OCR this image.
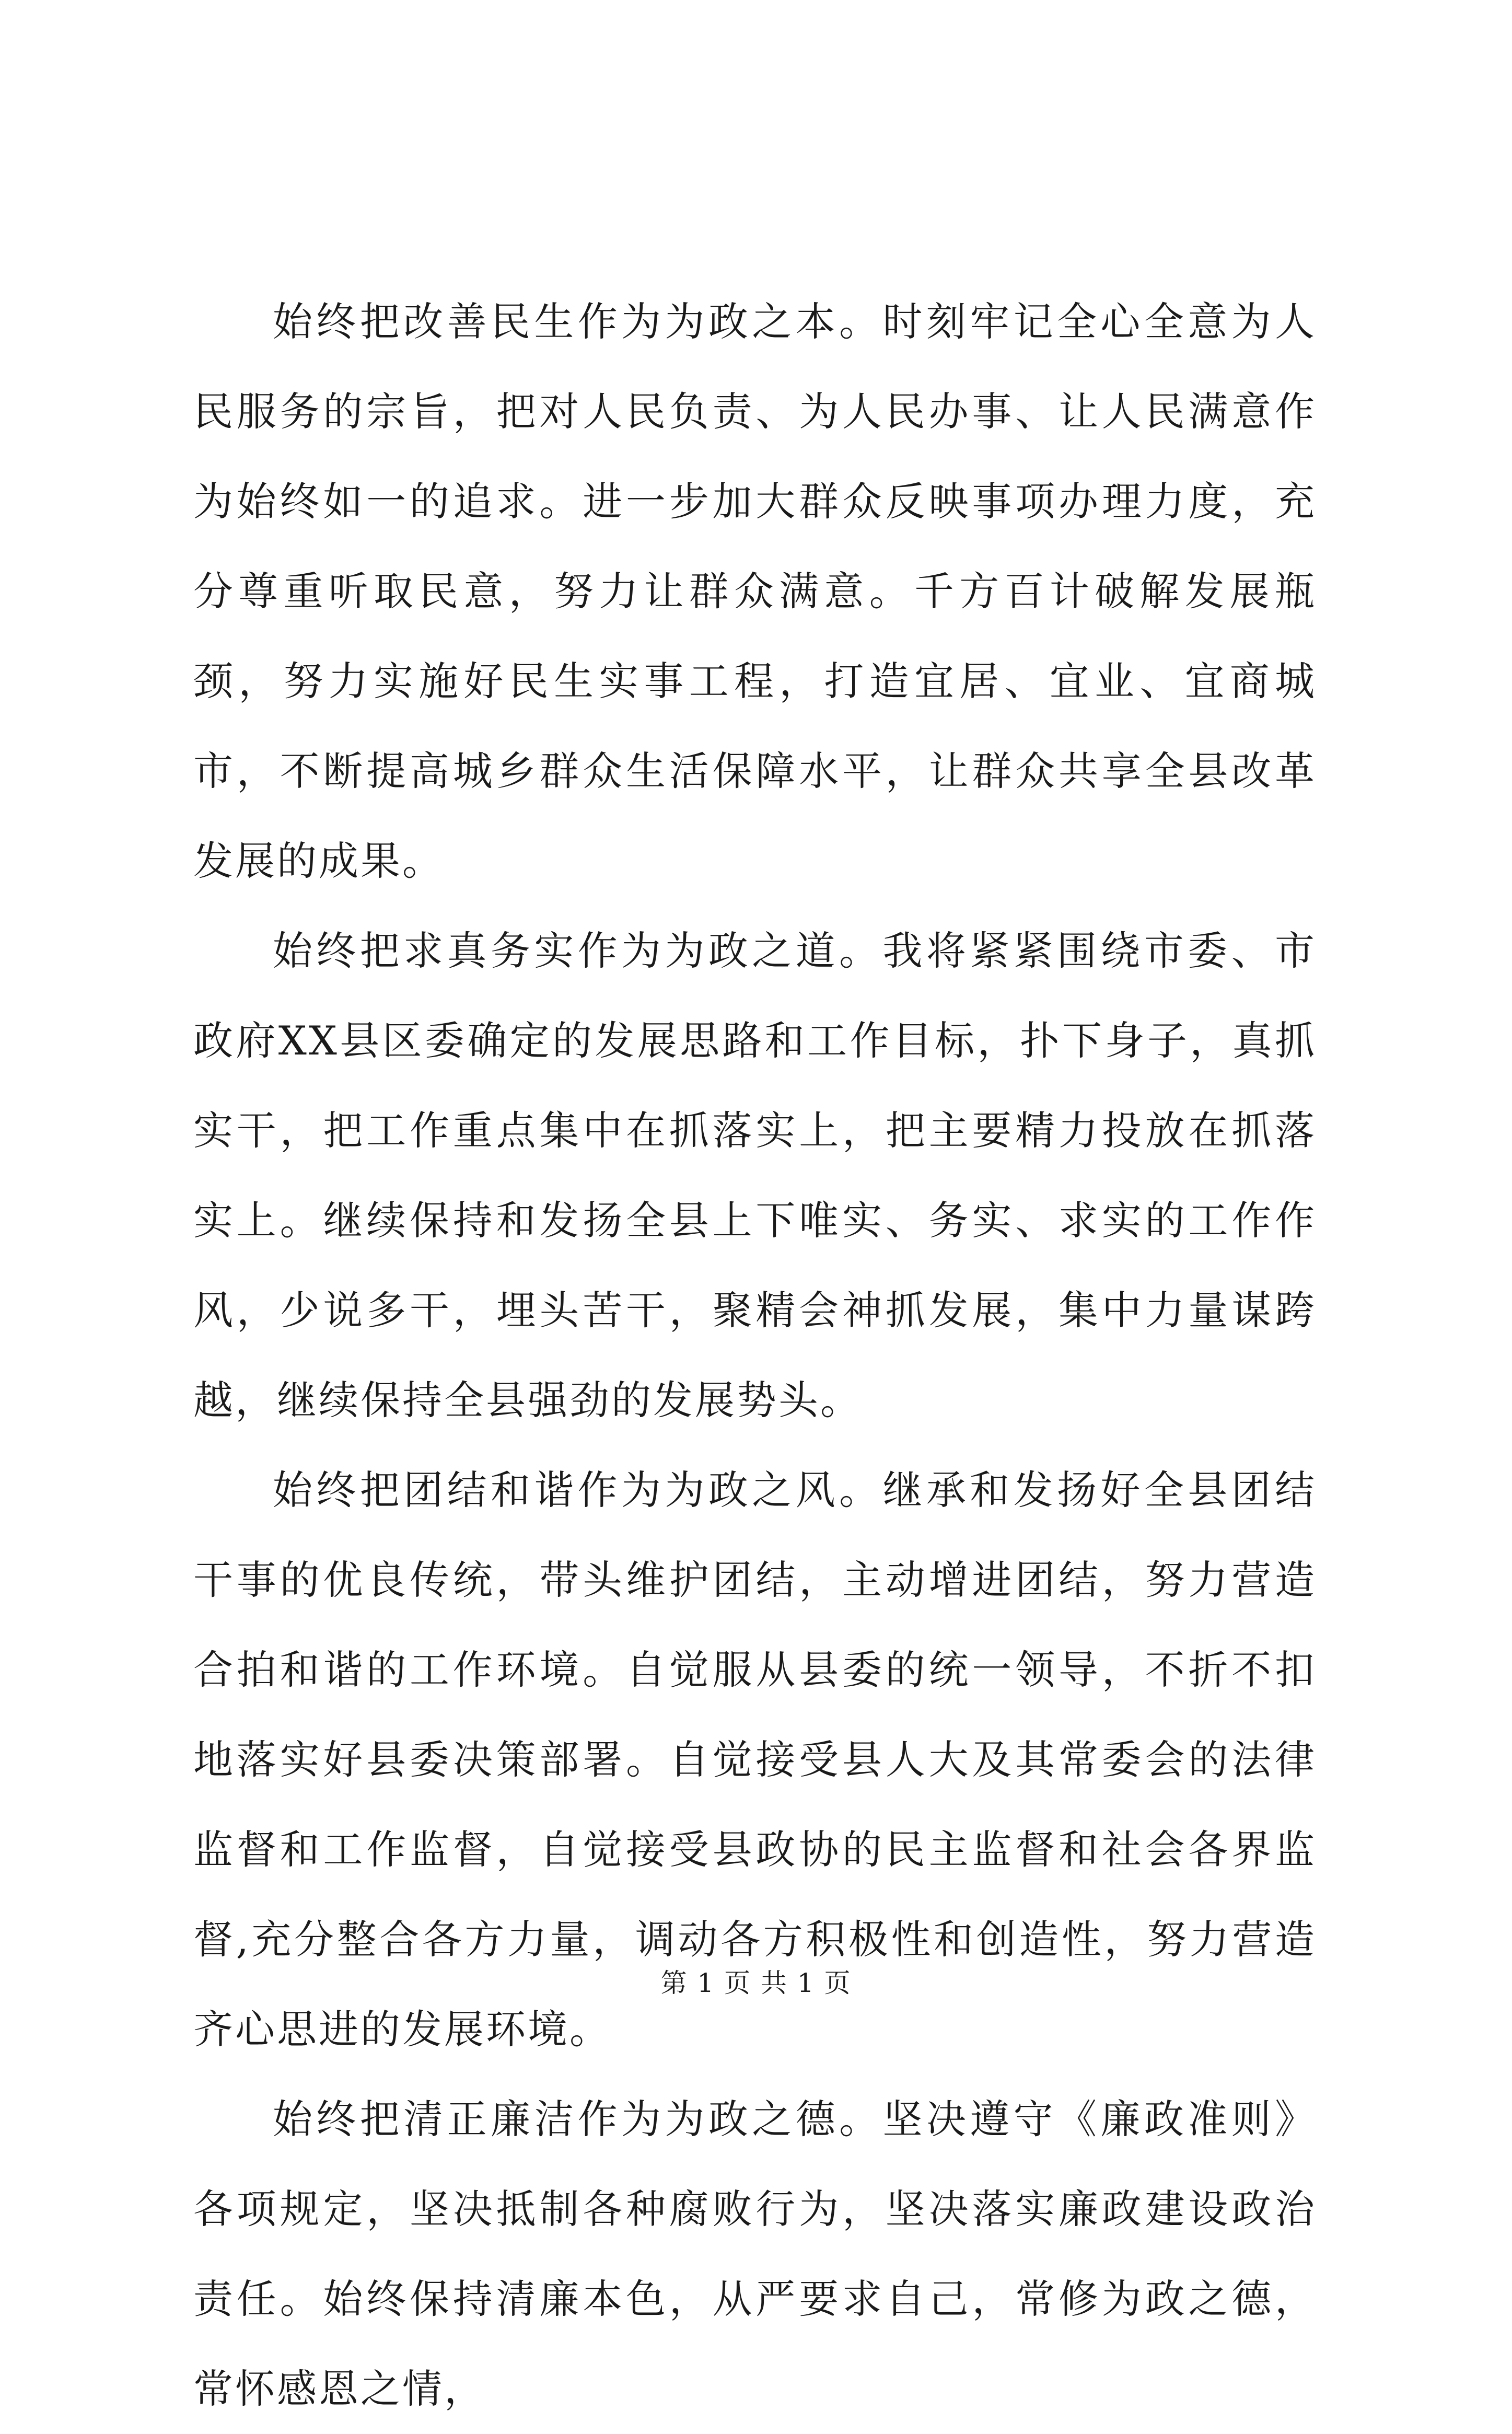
始终把改善民生作为为政之本。时刻牢记全心全意为人民服务的宗旨，把对人民负责、为人民办事、让人民满意作为始终如一的追求。进一步加大群众反映事项办理力度，充分尊重听取民意，努力让群众满意。千方百计破解发展瓶颈，努力实施好民生实事工程，打造宜居、宜业、宜商城市，不断提高城乡群众生活保障水平，让群众共享全县改革发展的成果。

始终把求真务实作为为政之道。我将紧紧围绕市委、市政府XX县区委确定的发展思路和工作目标，扑下身子，真抓实干，把工作重点集中在抓落实上，把主要精力投放在抓落实上。继续保持和发扬全县上下唯实、务实、求实的工作作风，少说多干，埋头苦干，聚精会神抓发展，集中力量谋跨越，继续保持全县强劲的发展势头。

始终把团结和谐作为为政之风。继承和发扬好全县团结干事的优良传统，带头维护团结，主动增进团结，努力营造合拍和谐的工作环境。自觉服从县委的统一领导，不折不扣地落实好县委决策部署。自觉接受县人大及其常委会的法律监督和工作监督，自觉接受县政协的民主监督和社会各界监督,充分整合各方力量，调动各方积极性和创造性，努力营造齐心思进的发展环境。

始终把清正廉洁作为为政之德。坚决遵守《廉政准则》各项规定，坚决抵制各种腐败行为，坚决落实廉政建设政治责任。始终保持清廉本色，从严要求自己，常修为政之德，常怀感恩之情，

第 1 页 共 1 页
